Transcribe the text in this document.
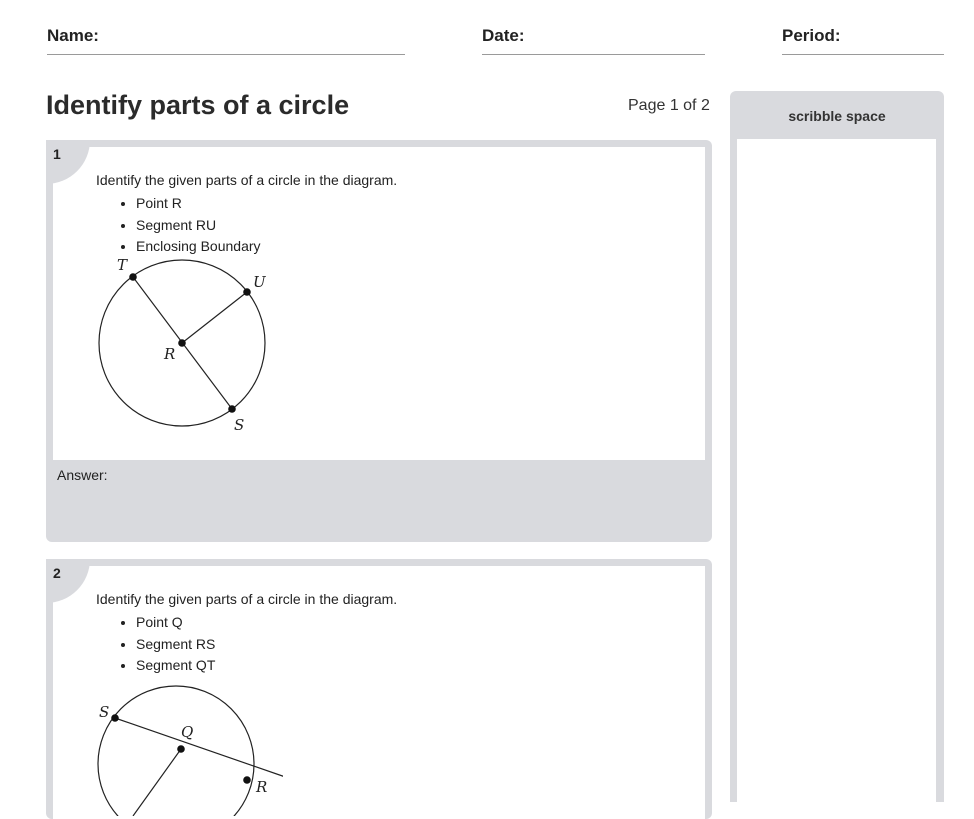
Name:	Date:	Period:
Identify parts of a circle	Page 1 of 2
scribble space
Identify the given parts of a circle in the diagram.
• Point R
• Segment RU
• Enclosing Boundary
T
U
R
S
1
Answer:
Identify the given parts of a circle in the diagram.
• Point Q
• Segment RS
• Segment QT
S
Q
R
2
